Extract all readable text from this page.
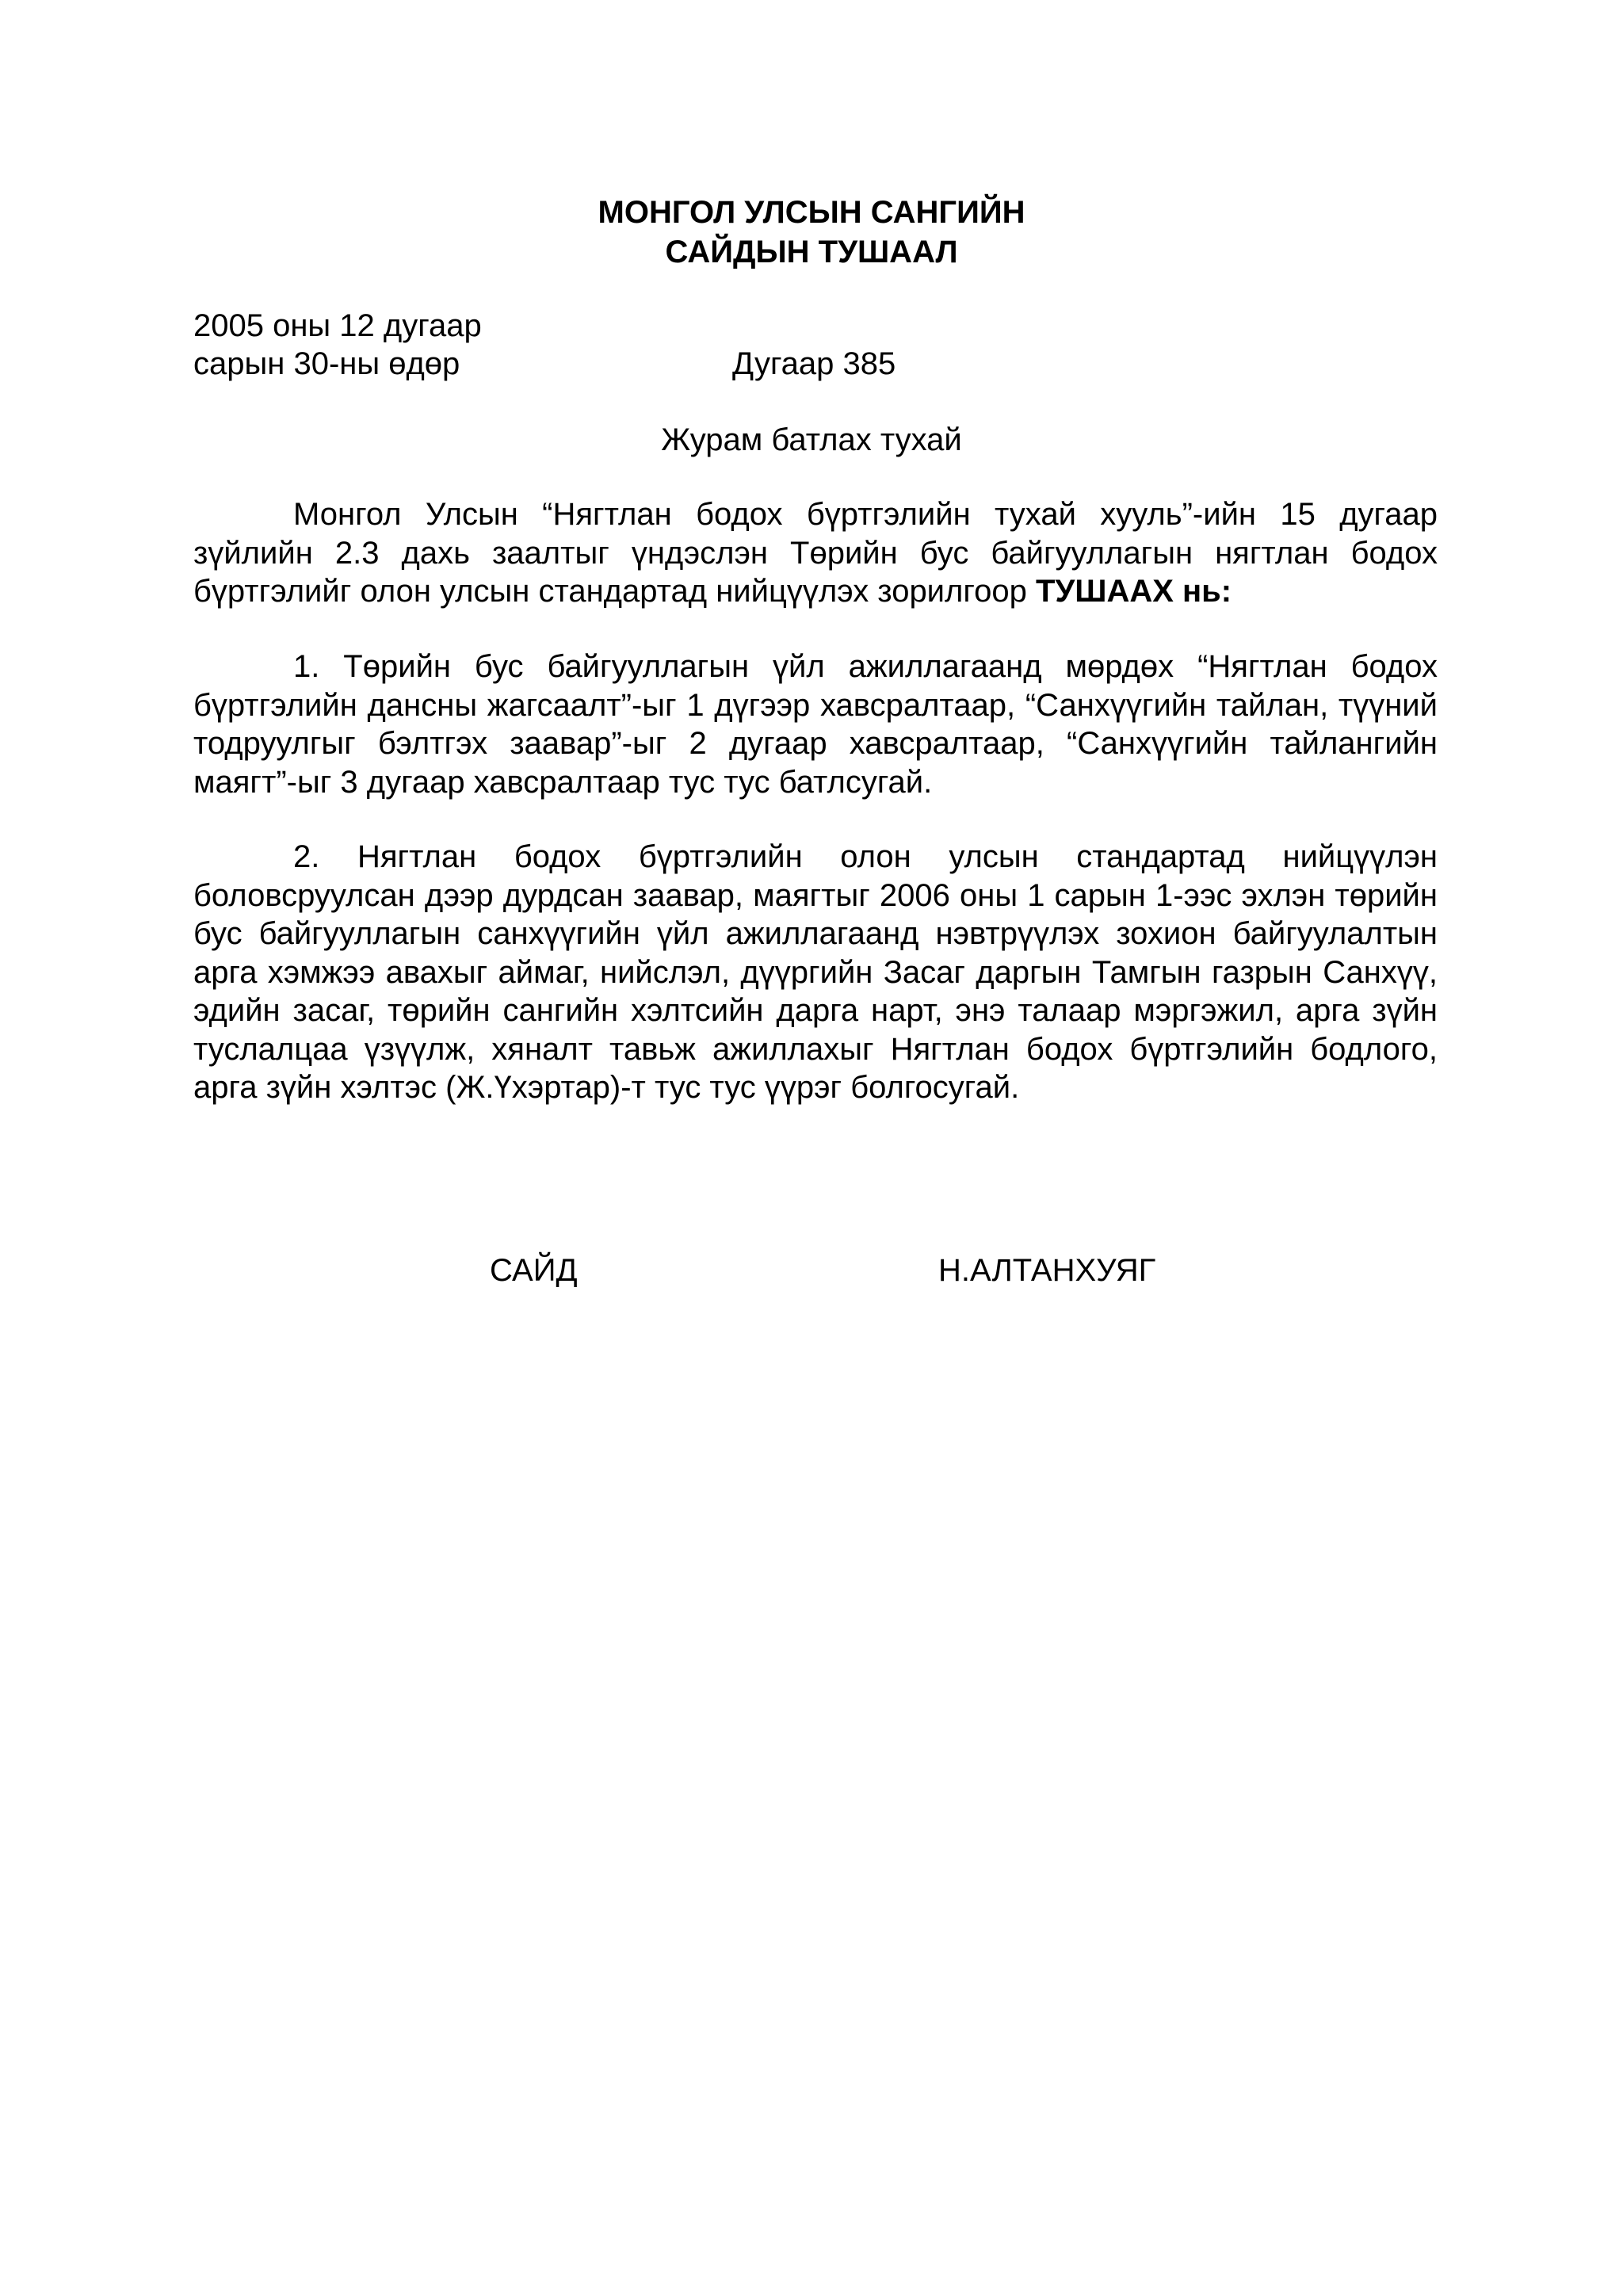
МОНГОЛ УЛСЫН САНГИЙН
САЙДЫН ТУШААЛ
2005 оны 12 дугаар
сарын 30-ны өдөр	Дугаар 385
Журам батлах тухай

Монгол Улсын “Нягтлан бодох бүртгэлийн тухай хууль”-ийн 15 дугаар зүйлийн 2.3 дахь заалтыг үндэслэн Төрийн бус байгууллагын нягтлан бодох бүртгэлийг олон улсын стандартад нийцүүлэх зорилгоор ТУШААХ нь:

1. Төрийн бус байгууллагын үйл ажиллагаанд мөрдөх “Нягтлан бодох бүртгэлийн дансны жагсаалт”-ыг 1 дүгээр хавсралтаар, “Санхүүгийн тайлан, түүний тодруулгыг бэлтгэх заавар”-ыг 2 дугаар хавсралтаар, “Санхүүгийн тайлангийн маягт”-ыг 3 дугаар хавсралтаар тус тус батлсугай.

2. Нягтлан бодох бүртгэлийн олон улсын стандартад нийцүүлэн боловсруулсан дээр дурдсан заавар, маягтыг 2006 оны 1 сарын 1-ээс эхлэн төрийн бус байгууллагын санхүүгийн үйл ажиллагаанд нэвтрүүлэх зохион байгуулалтын арга хэмжээ авахыг аймаг, нийслэл, дүүргийн Засаг даргын Тамгын газрын Санхүү, эдийн засаг, төрийн сангийн хэлтсийн дарга нарт, энэ талаар мэргэжил, арга зүйн туслалцаа үзүүлж, хяналт тавьж ажиллахыг Нягтлан бодох бүртгэлийн бодлого, арга зүйн хэлтэс (Ж.Үхэртар)-т тус тус үүрэг болгосугай.

САЙД	Н.АЛТАНХУЯГ
